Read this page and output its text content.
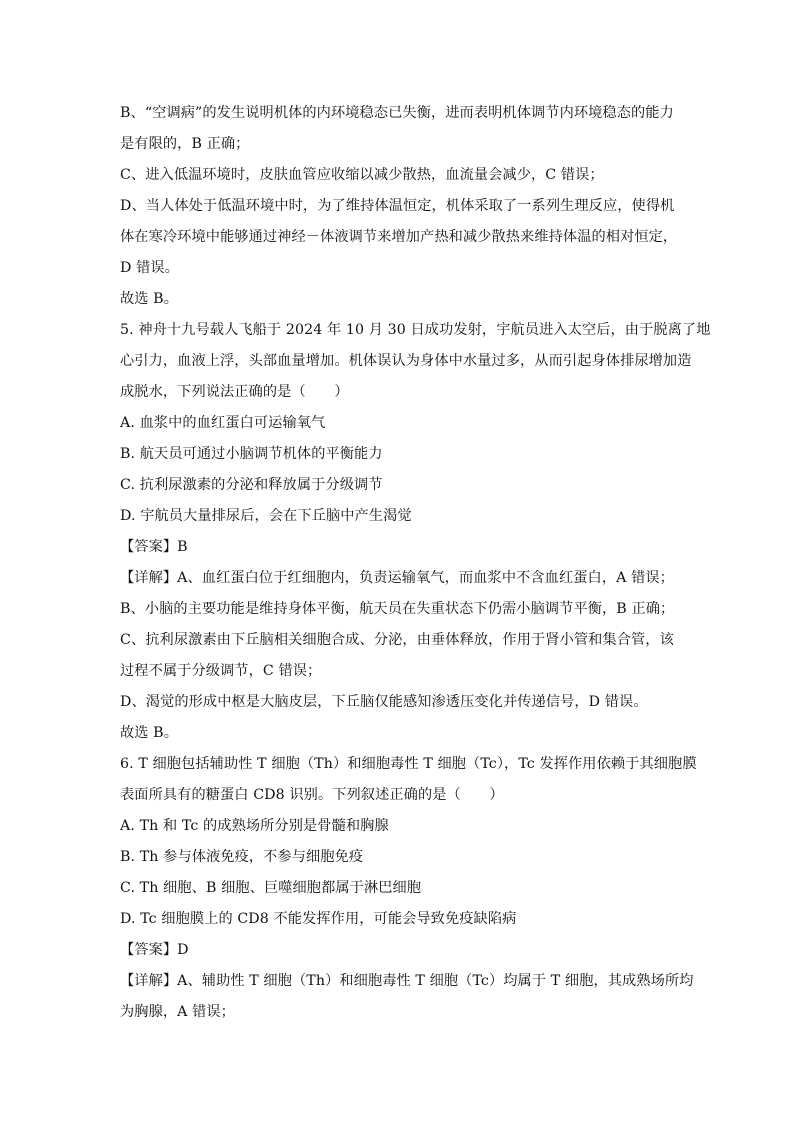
B、“空调病”的发生说明机体的内环境稳态已失衡，进而表明机体调节内环境稳态的能力
是有限的，B 正确；
C、进入低温环境时，皮肤血管应收缩以减少散热，血流量会减少，C 错误；
D、当人体处于低温环境中时，为了维持体温恒定，机体采取了一系列生理反应，使得机
体在寒冷环境中能够通过神经－体液调节来增加产热和减少散热来维持体温的相对恒定，
D 错误。
故选 B。
5. 神舟十九号载人飞船于 2024 年 10 月 30 日成功发射，宇航员进入太空后，由于脱离了地
心引力，血液上浮，头部血量增加。机体误认为身体中水量过多，从而引起身体排尿增加造
成脱水，下列说法正确的是（　　）
A. 血浆中的血红蛋白可运输氧气
B. 航天员可通过小脑调节机体的平衡能力
C. 抗利尿激素的分泌和释放属于分级调节
D. 宇航员大量排尿后，会在下丘脑中产生渴觉
【答案】B
【详解】A、血红蛋白位于红细胞内，负责运输氧气，而血浆中不含血红蛋白，A 错误；
B、小脑的主要功能是维持身体平衡，航天员在失重状态下仍需小脑调节平衡，B 正确；
C、抗利尿激素由下丘脑相关细胞合成、分泌，由垂体释放，作用于肾小管和集合管，该
过程不属于分级调节，C 错误；
D、渴觉的形成中枢是大脑皮层，下丘脑仅能感知渗透压变化并传递信号，D 错误。
故选 B。
6. T 细胞包括辅助性 T 细胞（Th）和细胞毒性 T 细胞（Tc），Tc 发挥作用依赖于其细胞膜
表面所具有的糖蛋白 CD8 识别。下列叙述正确的是（　　）
A. Th 和 Tc 的成熟场所分别是骨髓和胸腺
B. Th 参与体液免疫，不参与细胞免疫
C. Th 细胞、B 细胞、巨噬细胞都属于淋巴细胞
D. Tc 细胞膜上的 CD8 不能发挥作用，可能会导致免疫缺陷病
【答案】D
【详解】A、辅助性 T 细胞（Th）和细胞毒性 T 细胞（Tc）均属于 T 细胞，其成熟场所均
为胸腺，A 错误；
